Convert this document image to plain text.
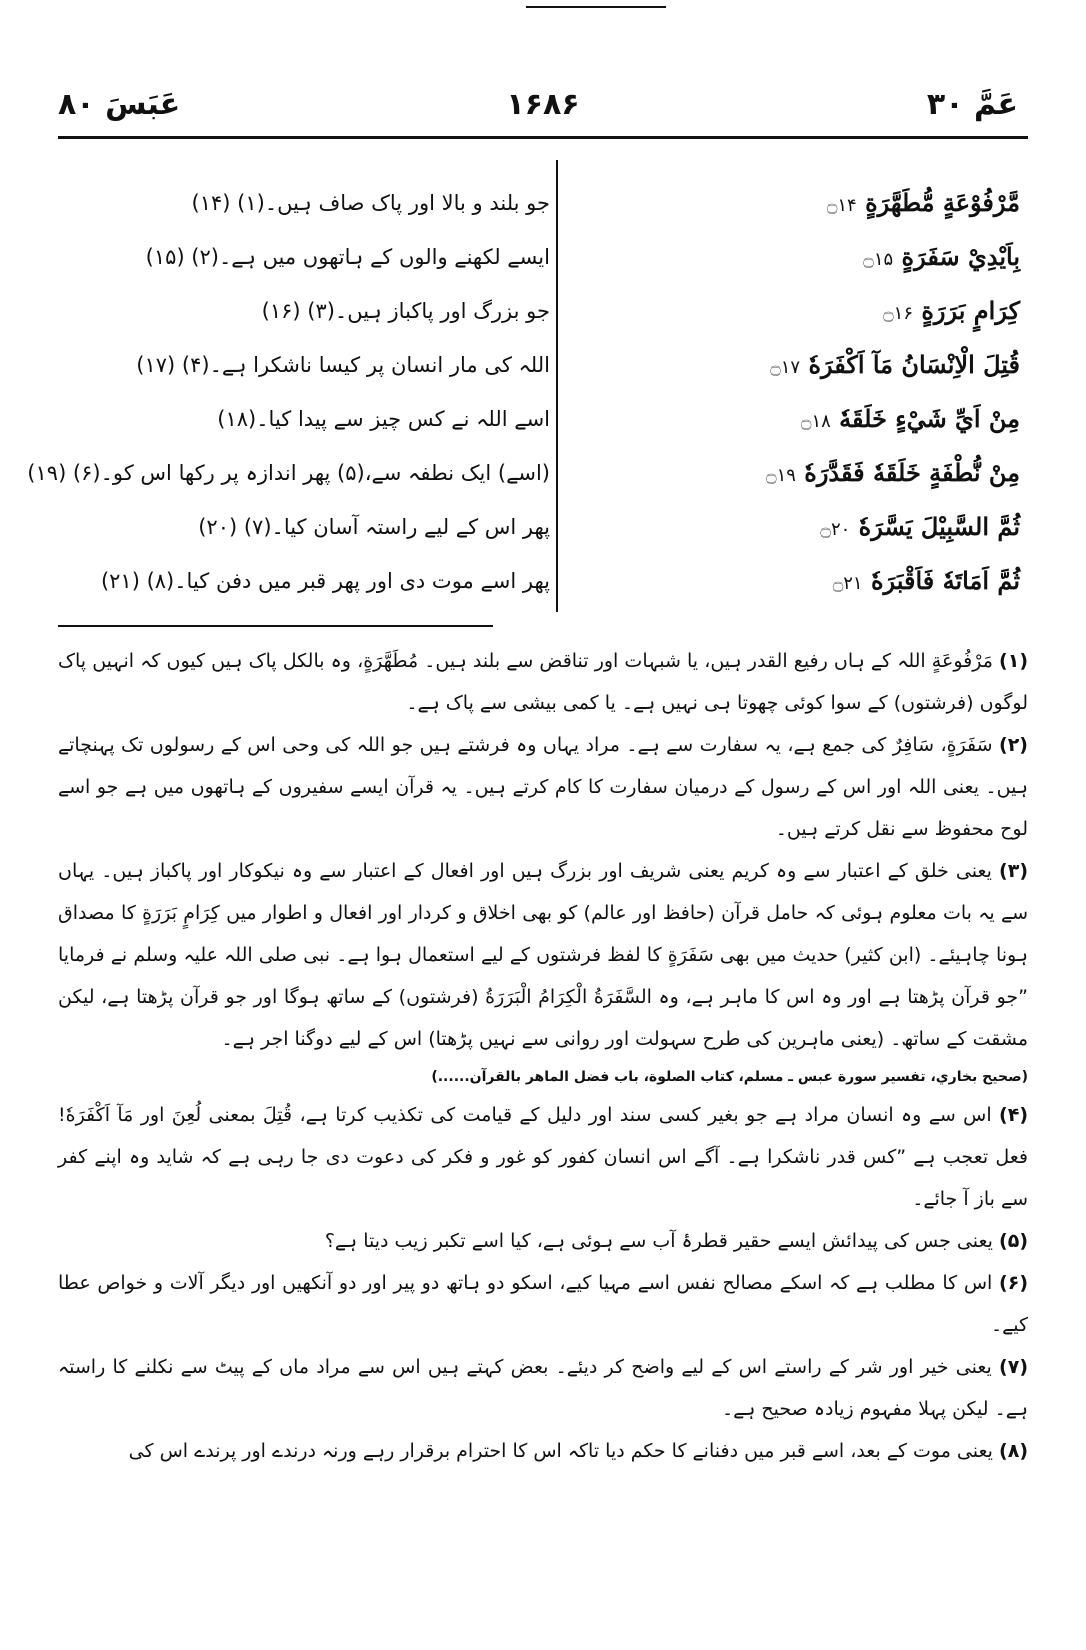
عَمَّ ۳۰
۱۶۸۶
عَبَسَ ۸۰
مَّرْفُوْعَةٍ مُّطَهَّرَةٍ ۝۱۴
بِاَيْدِيْ سَفَرَةٍ ۝۱۵
كِرَامٍ بَرَرَةٍ ۝۱۶
قُتِلَ الْاِنْسَانُ مَآ اَكْفَرَهٗ ۝۱۷
مِنْ اَيِّ شَيْءٍ خَلَقَهٗ ۝۱۸
مِنْ نُّطْفَةٍ خَلَقَهٗ فَقَدَّرَهٗ ۝۱۹
ثُمَّ السَّبِيْلَ يَسَّرَهٗ ۝۲۰
ثُمَّ اَمَاتَهٗ فَاَقْبَرَهٗ ۝۲۱
جو بلند و بالا اور پاک صاف ہیں۔(۱) (۱۴)
ایسے لکھنے والوں کے ہاتھوں میں ہے۔(۲) (۱۵)
جو بزرگ اور پاکباز ہیں۔(۳) (۱۶)
اللہ کی مار انسان پر کیسا ناشکرا ہے۔(۴) (۱۷)
اسے اللہ نے کس چیز سے پیدا کیا۔(۱۸)
(اسے) ایک نطفہ سے،(۵) پھر اندازہ پر رکھا اس کو۔(۶) (۱۹)
پھر اس کے لیے راستہ آسان کیا۔(۷) (۲۰)
پھر اسے موت دی اور پھر قبر میں دفن کیا۔(۸) (۲۱)

(۱) مَرْفُوعَةٍ اللہ کے ہاں رفیع القدر ہیں، یا شبہات اور تناقض سے بلند ہیں۔ مُطَهَّرَةٍ، وہ بالکل پاک ہیں کیوں کہ انہیں پاک لوگوں (فرشتوں) کے سوا کوئی چھوتا ہی نہیں ہے۔ یا کمی بیشی سے پاک ہے۔

(۲) سَفَرَةٍ، سَافِرٌ کی جمع ہے، یہ سفارت سے ہے۔ مراد یہاں وہ فرشتے ہیں جو اللہ کی وحی اس کے رسولوں تک پہنچاتے ہیں۔ یعنی اللہ اور اس کے رسول کے درمیان سفارت کا کام کرتے ہیں۔ یہ قرآن ایسے سفیروں کے ہاتھوں میں ہے جو اسے لوح محفوظ سے نقل کرتے ہیں۔

(۳) یعنی خلق کے اعتبار سے وہ کریم یعنی شریف اور بزرگ ہیں اور افعال کے اعتبار سے وہ نیکوکار اور پاکباز ہیں۔ یہاں سے یہ بات معلوم ہوئی کہ حامل قرآن (حافظ اور عالم) کو بھی اخلاق و کردار اور افعال و اطوار میں كِرَامٍ بَرَرَةٍ کا مصداق ہونا چاہیئے۔ (ابن کثیر) حدیث میں بھی سَفَرَةٍ کا لفظ فرشتوں کے لیے استعمال ہوا ہے۔ نبی صلی اللہ علیہ وسلم نے فرمایا ”جو قرآن پڑھتا ہے اور وہ اس کا ماہر ہے، وہ السَّفَرَةُ الْكِرَامُ الْبَرَرَةُ (فرشتوں) کے ساتھ ہوگا اور جو قرآن پڑھتا ہے، لیکن مشقت کے ساتھ۔ (یعنی ماہرین کی طرح سہولت اور روانی سے نہیں پڑھتا) اس کے لیے دوگنا اجر ہے۔

(صحيح بخاري، تفسير سورة عبس ـ مسلم، كتاب الصلوة، باب فضل الماهر بالقرآن......)

(۴) اس سے وہ انسان مراد ہے جو بغیر کسی سند اور دلیل کے قیامت کی تکذیب کرتا ہے، قُتِلَ بمعنی لُعِنَ اور مَآ اَكْفَرَهٗ! فعل تعجب ہے ”کس قدر ناشکرا ہے۔ آگے اس انسان کفور کو غور و فکر کی دعوت دی جا رہی ہے کہ شاید وہ اپنے کفر سے باز آ جائے۔

(۵) یعنی جس کی پیدائش ایسے حقیر قطرۂ آب سے ہوئی ہے، کیا اسے تکبر زیب دیتا ہے؟

(۶) اس کا مطلب ہے کہ اسکے مصالح نفس اسے مہیا کیے، اسکو دو ہاتھ دو پیر اور دو آنکھیں اور دیگر آلات و خواص عطا کیے۔

(۷) یعنی خیر اور شر کے راستے اس کے لیے واضح کر دیئے۔ بعض کہتے ہیں اس سے مراد ماں کے پیٹ سے نکلنے کا راستہ ہے۔ لیکن پہلا مفہوم زیادہ صحیح ہے۔

(۸) یعنی موت کے بعد، اسے قبر میں دفنانے کا حکم دیا تاکہ اس کا احترام برقرار رہے ورنہ درندے اور پرندے اس کی
